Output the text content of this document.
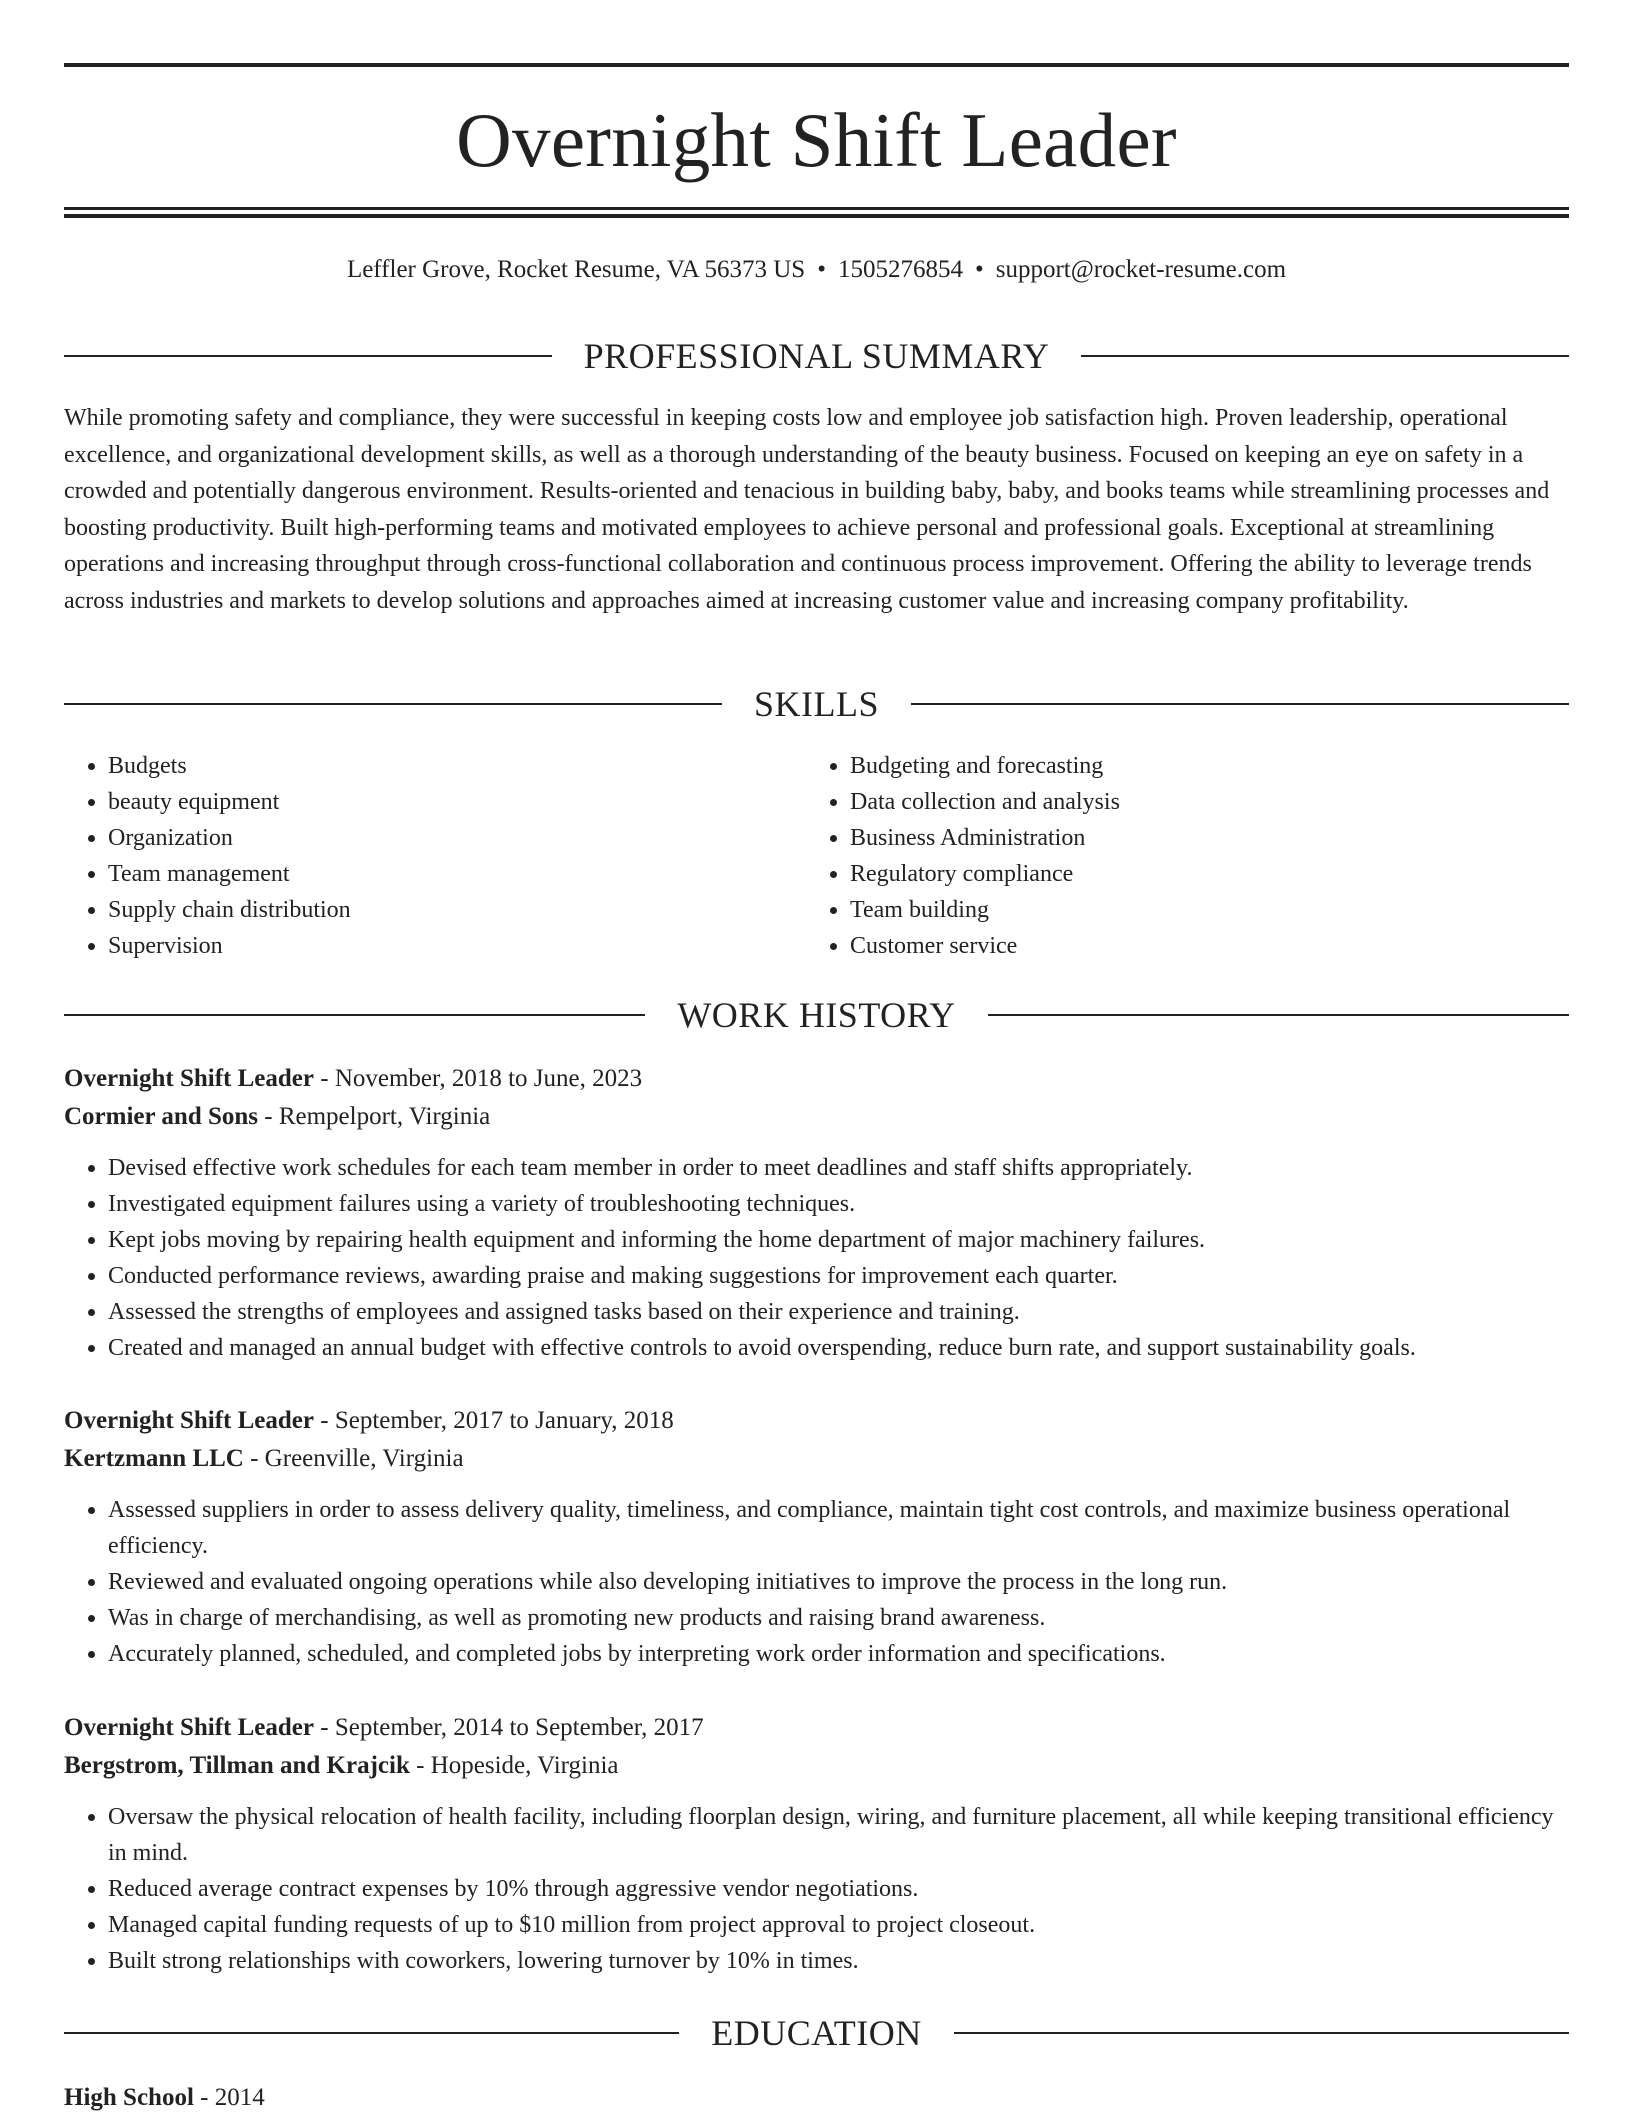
Overnight Shift Leader
Leffler Grove, Rocket Resume, VA 56373 US • 1505276854 • support@rocket-resume.com
PROFESSIONAL SUMMARY

While promoting safety and compliance, they were successful in keeping costs low and employee job satisfaction high. Proven leadership, operational excellence, and organizational development skills, as well as a thorough understanding of the beauty business. Focused on keeping an eye on safety in a crowded and potentially dangerous environment. Results-oriented and tenacious in building baby, baby, and books teams while streamlining processes and boosting productivity. Built high-performing teams and motivated employees to achieve personal and professional goals. Exceptional at streamlining operations and increasing throughput through cross-functional collaboration and continuous process improvement. Offering the ability to leverage trends across industries and markets to develop solutions and approaches aimed at increasing customer value and increasing company profitability.

SKILLS
• Budgets
• beauty equipment
• Organization
• Team management
• Supply chain distribution
• Supervision
• Budgeting and forecasting
• Data collection and analysis
• Business Administration
• Regulatory compliance
• Team building
• Customer service
WORK HISTORY
Overnight Shift Leader - November, 2018 to June, 2023
Cormier and Sons - Rempelport, Virginia
• Devised effective work schedules for each team member in order to meet deadlines and staff shifts appropriately.
• Investigated equipment failures using a variety of troubleshooting techniques.
• Kept jobs moving by repairing health equipment and informing the home department of major machinery failures.
• Conducted performance reviews, awarding praise and making suggestions for improvement each quarter.
• Assessed the strengths of employees and assigned tasks based on their experience and training.
• Created and managed an annual budget with effective controls to avoid overspending, reduce burn rate, and support sustainability goals.
Overnight Shift Leader - September, 2017 to January, 2018
Kertzmann LLC - Greenville, Virginia
• Assessed suppliers in order to assess delivery quality, timeliness, and compliance, maintain tight cost controls, and maximize business operational efficiency.
• Reviewed and evaluated ongoing operations while also developing initiatives to improve the process in the long run.
• Was in charge of merchandising, as well as promoting new products and raising brand awareness.
• Accurately planned, scheduled, and completed jobs by interpreting work order information and specifications.
Overnight Shift Leader - September, 2014 to September, 2017
Bergstrom, Tillman and Krajcik - Hopeside, Virginia
• Oversaw the physical relocation of health facility, including floorplan design, wiring, and furniture placement, all while keeping transitional efficiency in mind.
• Reduced average contract expenses by 10% through aggressive vendor negotiations.
• Managed capital funding requests of up to $10 million from project approval to project closeout.
• Built strong relationships with coworkers, lowering turnover by 10% in times.
EDUCATION
High School - 2014
